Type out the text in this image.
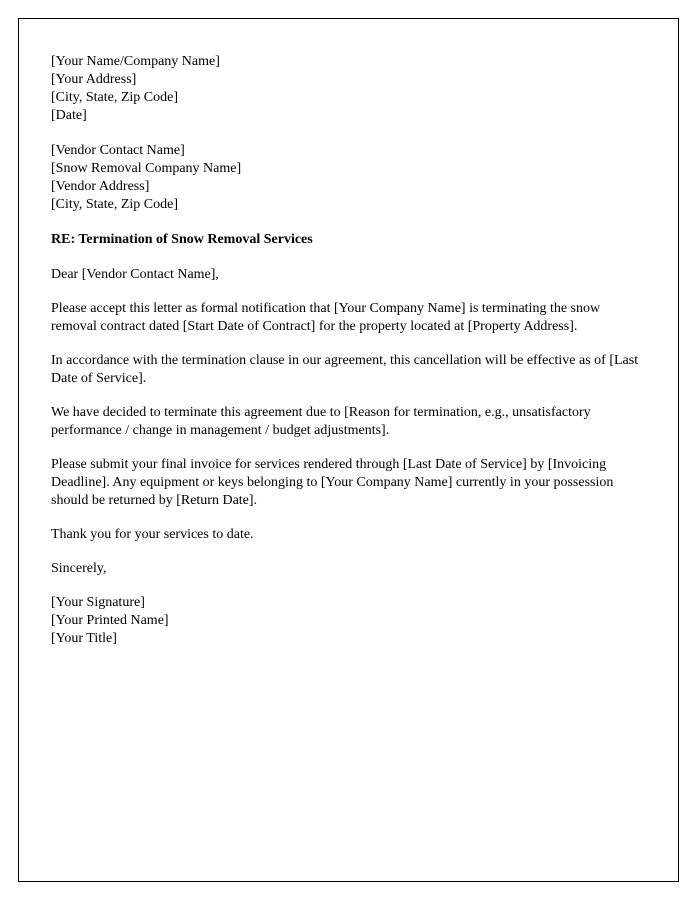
[Your Name/Company Name]
[Your Address]
[City, State, Zip Code]
[Date]
[Vendor Contact Name]
[Snow Removal Company Name]
[Vendor Address]
[City, State, Zip Code]
RE: Termination of Snow Removal Services

Dear [Vendor Contact Name],

Please accept this letter as formal notification that [Your Company Name] is terminating the snow removal contract dated [Start Date of Contract] for the property located at [Property Address].

In accordance with the termination clause in our agreement, this cancellation will be effective as of [Last Date of Service].

We have decided to terminate this agreement due to [Reason for termination, e.g., unsatisfactory performance / change in management / budget adjustments].

Please submit your final invoice for services rendered through [Last Date of Service] by [Invoicing Deadline]. Any equipment or keys belonging to [Your Company Name] currently in your possession should be returned by [Return Date].

Thank you for your services to date.

Sincerely,

[Your Signature]
[Your Printed Name]
[Your Title]
